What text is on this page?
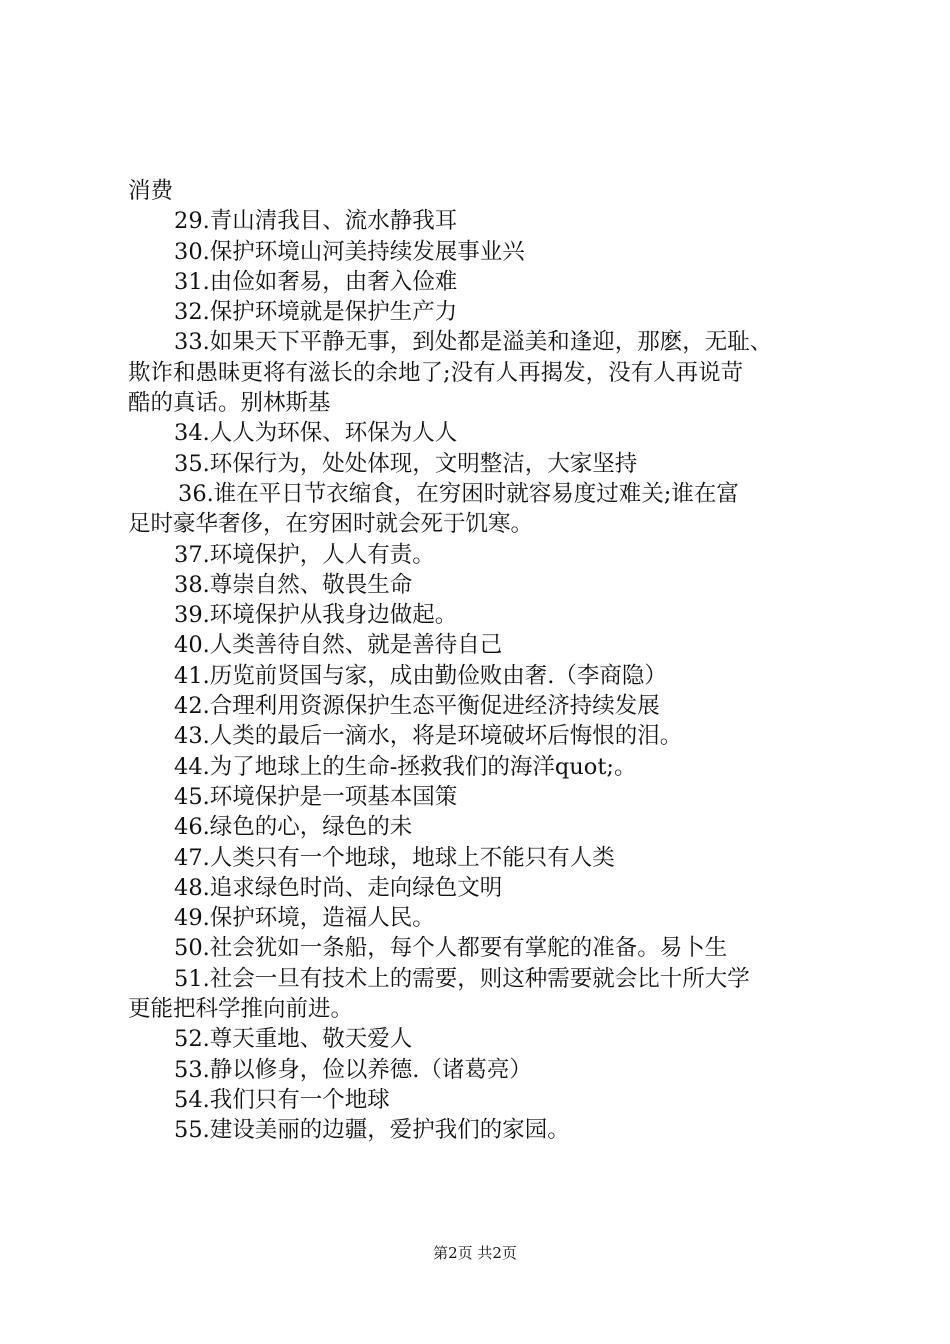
消费
29.青山清我目、流水静我耳
30.保护环境山河美持续发展事业兴
31.由俭如奢易，由奢入俭难
32.保护环境就是保护生产力
33.如果天下平静无事，到处都是溢美和逢迎，那麽，无耻、
欺诈和愚昧更将有滋长的余地了;没有人再揭发，没有人再说苛
酷的真话。别林斯基
34.人人为环保、环保为人人
35.环保行为，处处体现，文明整洁，大家坚持
36.谁在平日节衣缩食，在穷困时就容易度过难关;谁在富
足时豪华奢侈，在穷困时就会死于饥寒。
37.环境保护，人人有责。
38.尊崇自然、敬畏生命
39.环境保护从我身边做起。
40.人类善待自然、就是善待自己
41.历览前贤国与家，成由勤俭败由奢.（李商隐）
42.合理利用资源保护生态平衡促进经济持续发展
43.人类的最后一滴水，将是环境破坏后悔恨的泪。
44.为了地球上的生命-拯救我们的海洋quot;。
45.环境保护是一项基本国策
46.绿色的心，绿色的未
47.人类只有一个地球，地球上不能只有人类
48.追求绿色时尚、走向绿色文明
49.保护环境，造福人民。
50.社会犹如一条船，每个人都要有掌舵的准备。易卜生
51.社会一旦有技术上的需要，则这种需要就会比十所大学
更能把科学推向前进。
52.尊天重地、敬天爱人
53.静以修身，俭以养德.（诸葛亮）
54.我们只有一个地球
55.建设美丽的边疆，爱护我们的家园。
第2页 共2页
